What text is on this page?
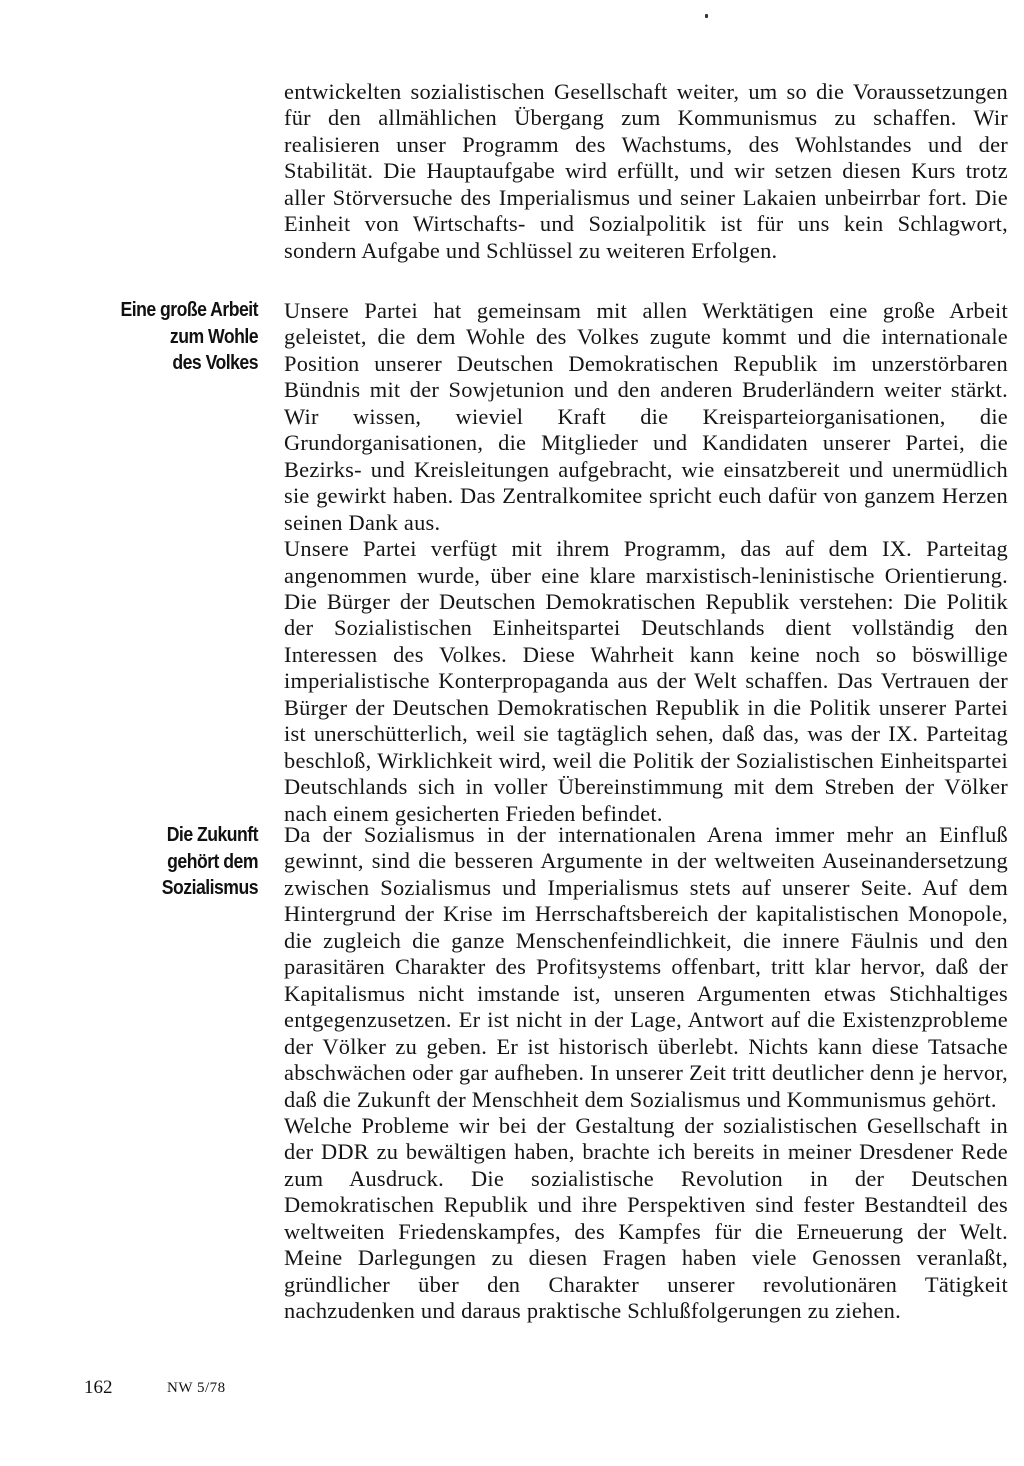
entwickelten sozialistischen Gesellschaft weiter, um so die Voraussetzungen für den allmählichen Übergang zum Kommunismus zu schaffen. Wir realisieren unser Programm des Wachstums, des Wohlstandes und der Stabilität. Die Hauptaufgabe wird erfüllt, und wir setzen diesen Kurs trotz aller Störversuche des Imperialismus und seiner Lakaien unbeirrbar fort. Die Einheit von Wirtschafts- und Sozialpolitik ist für uns kein Schlagwort, sondern Aufgabe und Schlüssel zu weiteren Erfolgen.

Eine große Arbeit
zum Wohle
des Volkes

Unsere Partei hat gemeinsam mit allen Werktätigen eine große Arbeit geleistet, die dem Wohle des Volkes zugute kommt und die internationale Position unserer Deutschen Demokratischen Republik im unzerstörbaren Bündnis mit der Sowjetunion und den anderen Bruderländern weiter stärkt. Wir wissen, wieviel Kraft die Kreisparteiorganisationen, die Grundorganisationen, die Mitglieder und Kandidaten unserer Partei, die Bezirks- und Kreisleitungen aufgebracht, wie einsatzbereit und unermüdlich sie gewirkt haben. Das Zentralkomitee spricht euch dafür von ganzem Herzen seinen Dank aus.

Unsere Partei verfügt mit ihrem Programm, das auf dem IX. Parteitag angenommen wurde, über eine klare marxistisch-leninistische Orientierung. Die Bürger der Deutschen Demokratischen Republik verstehen: Die Politik der Sozialistischen Einheitspartei Deutschlands dient vollständig den Interessen des Volkes. Diese Wahrheit kann keine noch so böswillige imperialistische Konterpropaganda aus der Welt schaffen. Das Vertrauen der Bürger der Deutschen Demokratischen Republik in die Politik unserer Partei ist unerschütterlich, weil sie tagtäglich sehen, daß das, was der IX. Parteitag beschloß, Wirklichkeit wird, weil die Politik der Sozialistischen Einheitspartei Deutschlands sich in voller Übereinstimmung mit dem Streben der Völker nach einem gesicherten Frieden befindet.

Die Zukunft
gehört dem
Sozialismus

Da der Sozialismus in der internationalen Arena immer mehr an Einfluß gewinnt, sind die besseren Argumente in der weltweiten Auseinandersetzung zwischen Sozialismus und Imperialismus stets auf unserer Seite. Auf dem Hintergrund der Krise im Herrschaftsbereich der kapitalistischen Monopole, die zugleich die ganze Menschenfeindlichkeit, die innere Fäulnis und den parasitären Charakter des Profitsystems offenbart, tritt klar hervor, daß der Kapitalismus nicht imstande ist, unseren Argumenten etwas Stichhaltiges entgegenzusetzen. Er ist nicht in der Lage, Antwort auf die Existenzprobleme der Völker zu geben. Er ist historisch überlebt. Nichts kann diese Tatsache abschwächen oder gar aufheben. In unserer Zeit tritt deutlicher denn je hervor, daß die Zukunft der Menschheit dem Sozialismus und Kommunismus gehört.

Welche Probleme wir bei der Gestaltung der sozialistischen Gesellschaft in der DDR zu bewältigen haben, brachte ich bereits in meiner Dresdener Rede zum Ausdruck. Die sozialistische Revolution in der Deutschen Demokratischen Republik und ihre Perspektiven sind fester Bestandteil des weltweiten Friedenskampfes, des Kampfes für die Erneuerung der Welt. Meine Darlegungen zu diesen Fragen haben viele Genossen veranlaßt, gründlicher über den Charakter unserer revolutionären Tätigkeit nachzudenken und daraus praktische Schlußfolgerungen zu ziehen.

162	NW 5/78
